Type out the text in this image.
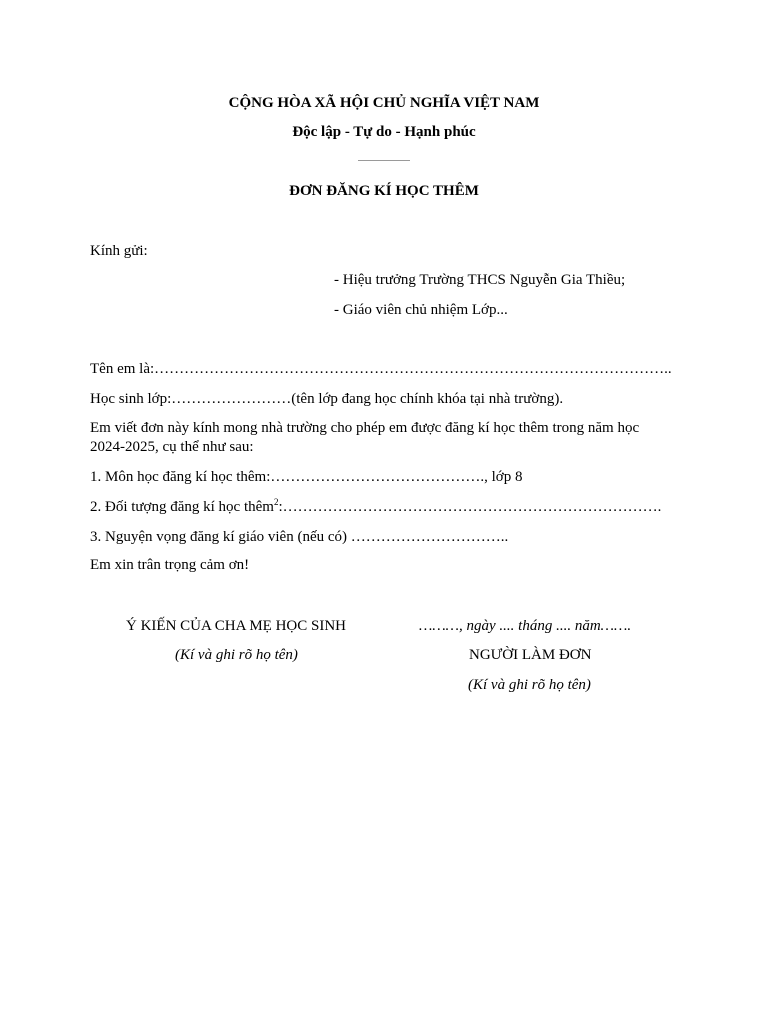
CỘNG HÒA XÃ HỘI CHỦ NGHĨA VIỆT NAM
Độc lập - Tự do - Hạnh phúc
ĐƠN ĐĂNG KÍ HỌC THÊM
Kính gửi:
- Hiệu trưởng Trường THCS Nguyễn Gia Thiều;
- Giáo viên chủ nhiệm Lớp...
Tên em là:…………………………………………………………………………………………..
Học sinh lớp:……………………(tên lớp đang học chính khóa tại nhà trường).
Em viết đơn này kính mong nhà trường cho phép em được đăng kí học thêm trong năm học 2024-2025, cụ thể như sau:
1. Môn học đăng kí học thêm:……………………………………., lớp 8
2. Đối tượng đăng kí học thêm$^2$:………………………………………………………………….
3. Nguyện vọng đăng kí giáo viên (nếu có) …………………………..
Em xin trân trọng cảm ơn!
Ý KIẾN CỦA CHA MẸ HỌC SINH
(Kí và ghi rõ họ tên)
………, ngày .... tháng .... năm…….
NGƯỜI LÀM ĐƠN
(Kí và ghi rõ họ tên)
